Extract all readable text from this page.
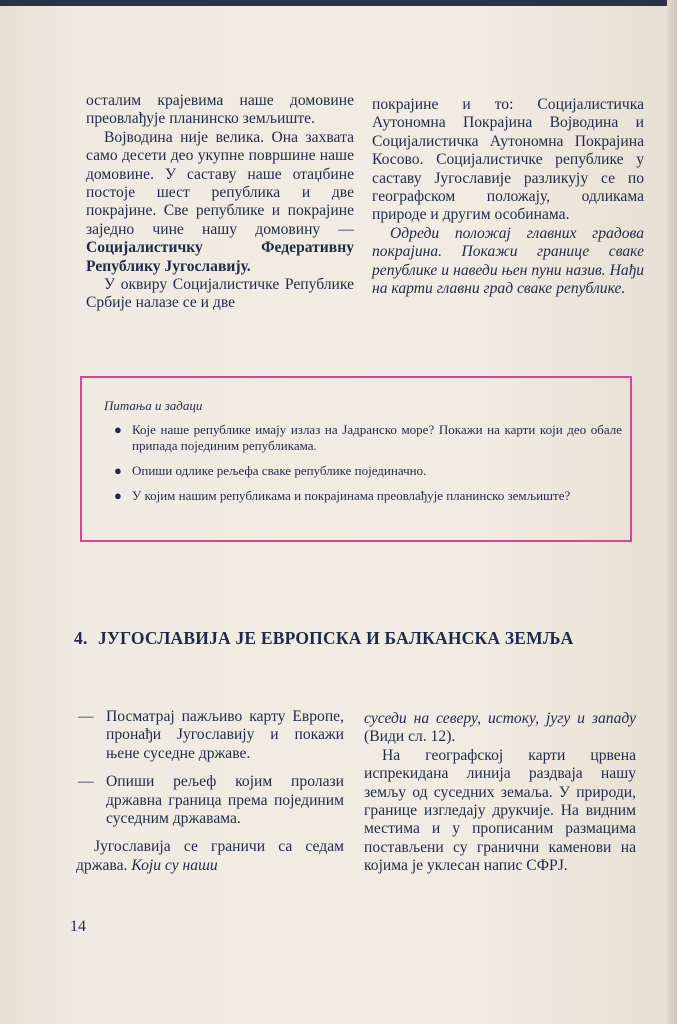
осталим крајевима наше домовине преовлађује планинско земљиште.

Војводина није велика. Она захвата само десети део укупне површине наше домовинe. У саставу наше отаџбине постоје шест република и две покрајине. Све републике и покрајине заједно чине нашу домовину — Социјалистичку Федеративну Републику Југославију.

У оквиру Социјалистичке Републике Србије налазе се и две

покрајине и то: Социјалистичка Аутономна Покрајина Војводина и Социјалистичка Аутономна Покрајина Косово. Социјалистичке републике у саставу Југославије разликују се по географском положају, одликама природе и другим особинама.

Одреди положај главних градова покрајина. Покажи границе сваке републике и наведи њен пуни назив. Нађи на карти главни град сваке републике.

Питања и задаци
● Које наше републике имају излаз на Јадранско море? Покажи на карти који део обале припада појединим републикама.
● Опиши одлике рељефа сваке републике појединачно.
● У којим нашим републикама и покрајинама преовлађује планинско земљиште?
4. ЈУГОСЛАВИЈА ЈЕ ЕВРОПСКА И БАЛКАНСКА ЗЕМЉА

— Посматрај пажљиво карту Европе, пронађи Југославију и покажи њене суседне државе.

— Опиши рељеф којим пролази државна граница према појединим суседним државама.

Југославија се граничи са седам држава. Који су наши

суседи на северу, истоку, југу и западу (Види сл. 12).

На географској карти црвена испрекидана линија раздваја нашу земљу од суседних земаља. У природи, границе изгледају друкчије. На видним местима и у прописаним размацима постављени су гранични каменови на којима је уклесан напис СФРЈ.

14
